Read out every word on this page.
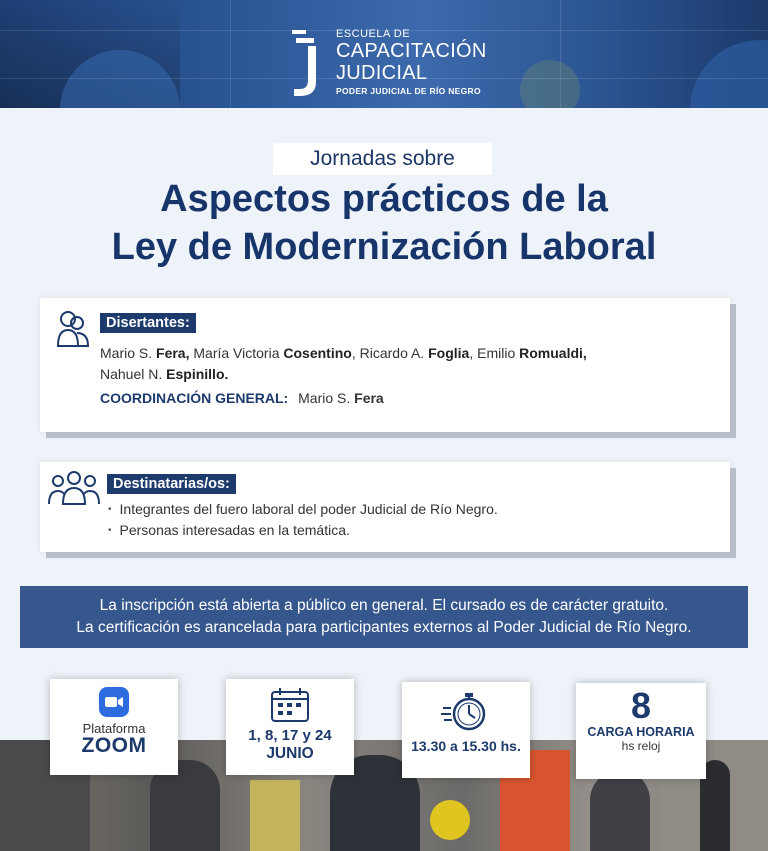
ESCUELA DE
CAPACITACIÓN
JUDICIAL
PODER JUDICIAL DE RÍO NEGRO
Jornadas sobre
Aspectos prácticos de la
Ley de Modernización Laboral
Disertantes:
Mario S. Fera, María Victoria Cosentino, Ricardo A. Foglia, Emilio Romualdi,
Nahuel N. Espinillo.
COORDINACIÓN GENERAL: Mario S. Fera
Destinatarias/os:
• Integrantes del fuero laboral del poder Judicial de Río Negro.
• Personas interesadas en la temática.
La inscripción está abierta a público en general. El cursado es de carácter gratuito.
La certificación es arancelada para participantes externos al Poder Judicial de Río Negro.
Plataforma
ZOOM	1, 8, 17 y 24
JUNIO	13.30 a 15.30 hs.
8
CARGA HORARIA
hs reloj
